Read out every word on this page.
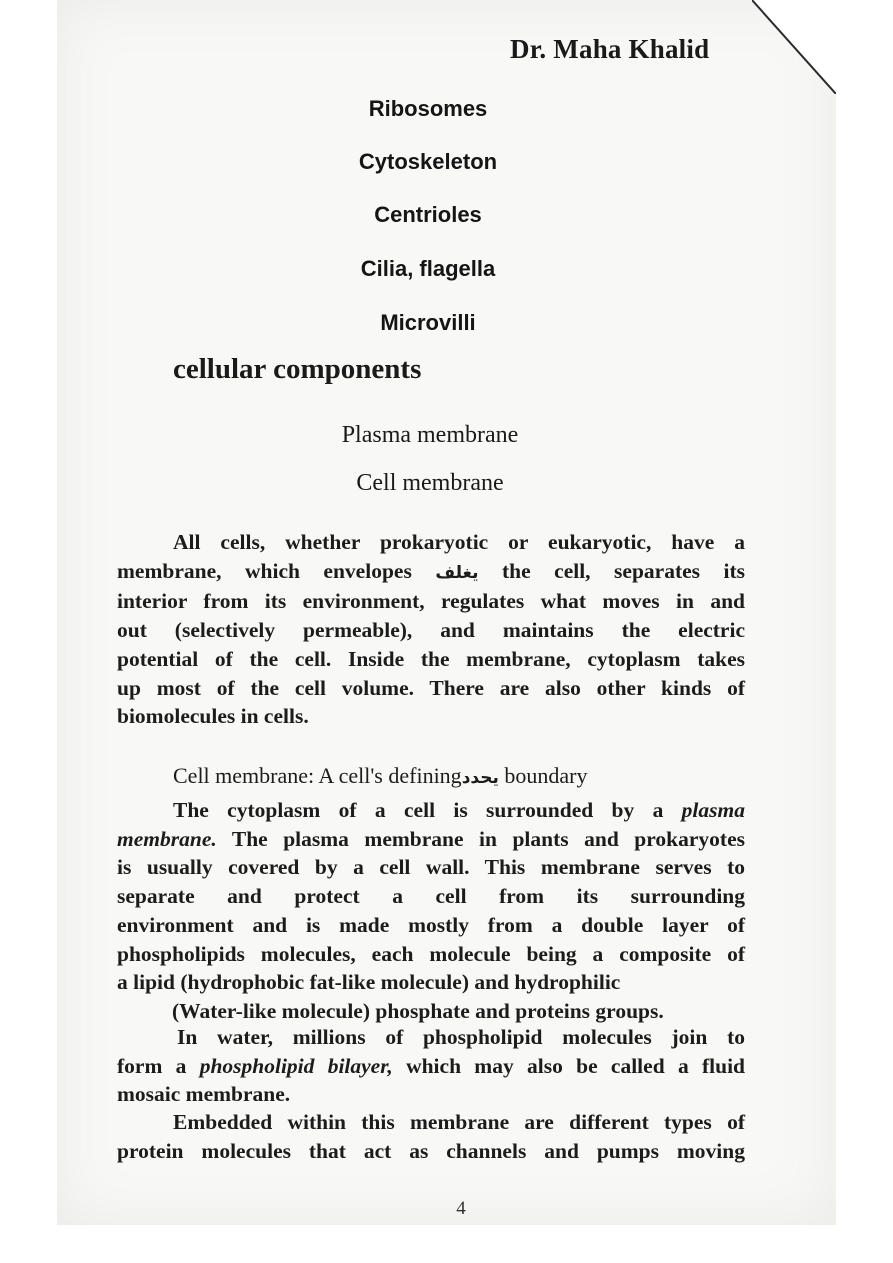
Dr. Maha Khalid
Ribosomes
Cytoskeleton
Centrioles
Cilia, flagella
Microvilli
cellular components
Plasma membrane
Cell membrane
All cells, whether prokaryotic or eukaryotic, have a
membrane, which envelopes يغلف the cell, separates its
interior from its environment, regulates what moves in and
out (selectively permeable), and maintains the electric
potential of the cell. Inside the membrane, cytoplasm takes
up most of the cell volume. There are also other kinds of
biomolecules in cells.
Cell membrane: A cell's definingيحدد boundary
The cytoplasm of a cell is surrounded by a plasma
membrane. The plasma membrane in plants and prokaryotes
is usually covered by a cell wall. This membrane serves to
separate and protect a cell from its surrounding
environment and is made mostly from a double layer of
phospholipids molecules, each molecule being a composite of
a lipid (hydrophobic fat-like molecule) and hydrophilic
(Water-like molecule) phosphate and proteins groups.
In water, millions of phospholipid molecules join to
form a phospholipid bilayer, which may also be called a fluid
mosaic membrane.
Embedded within this membrane are different types of
protein molecules that act as channels and pumps moving
4
